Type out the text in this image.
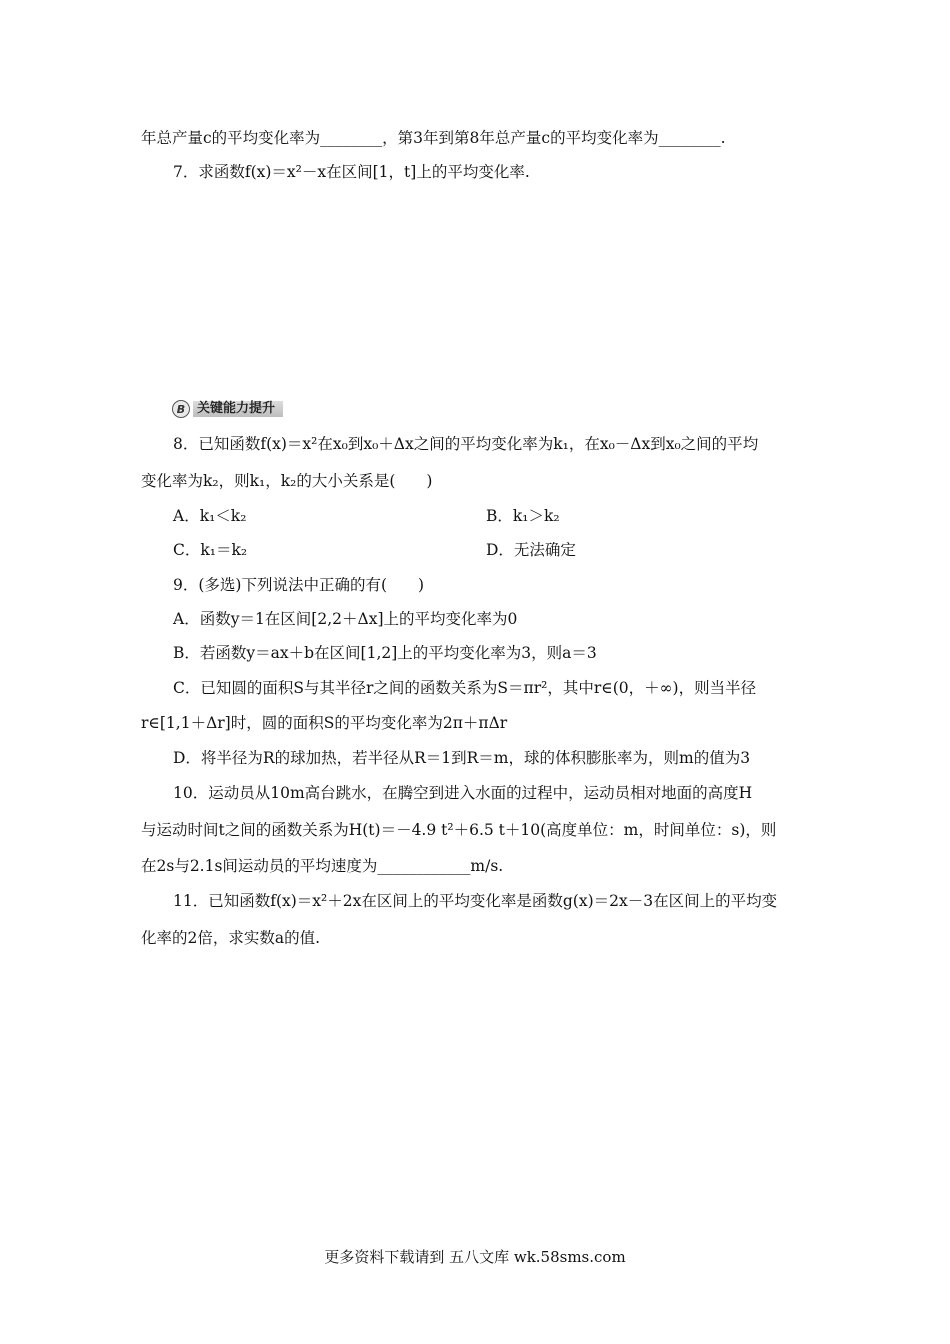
年总产量c的平均变化率为________，第3年到第8年总产量c的平均变化率为________.
7．求函数f(x)＝x²－x在区间[1，t]上的平均变化率.
B 关键能力提升
8．已知函数f(x)＝x²在x₀到x₀＋Δx之间的平均变化率为k₁，在x₀－Δx到x₀之间的平均
变化率为k₂，则k₁，k₂的大小关系是(　　)
A．k₁＜k₂	B．k₁＞k₂
C．k₁＝k₂	D．无法确定
9．(多选)下列说法中正确的有(　　)
A．函数y＝1在区间[2,2＋Δx]上的平均变化率为0
B．若函数y＝ax＋b在区间[1,2]上的平均变化率为3，则a＝3
C．已知圆的面积S与其半径r之间的函数关系为S＝πr²，其中r∈(0，＋∞)，则当半径
r∈[1,1＋Δr]时，圆的面积S的平均变化率为2π＋πΔr
D．将半径为R的球加热，若半径从R＝1到R＝m，球的体积膨胀率为，则m的值为3
10．运动员从10m高台跳水，在腾空到进入水面的过程中，运动员相对地面的高度H
与运动时间t之间的函数关系为H(t)＝－4.9 t²＋6.5 t＋10(高度单位：m，时间单位：s)，则
在2s与2.1s间运动员的平均速度为____________m/s.
11．已知函数f(x)＝x²＋2x在区间上的平均变化率是函数g(x)＝2x－3在区间上的平均变
化率的2倍，求实数a的值.
更多资料下载请到 五八文库 wk.58sms.com
